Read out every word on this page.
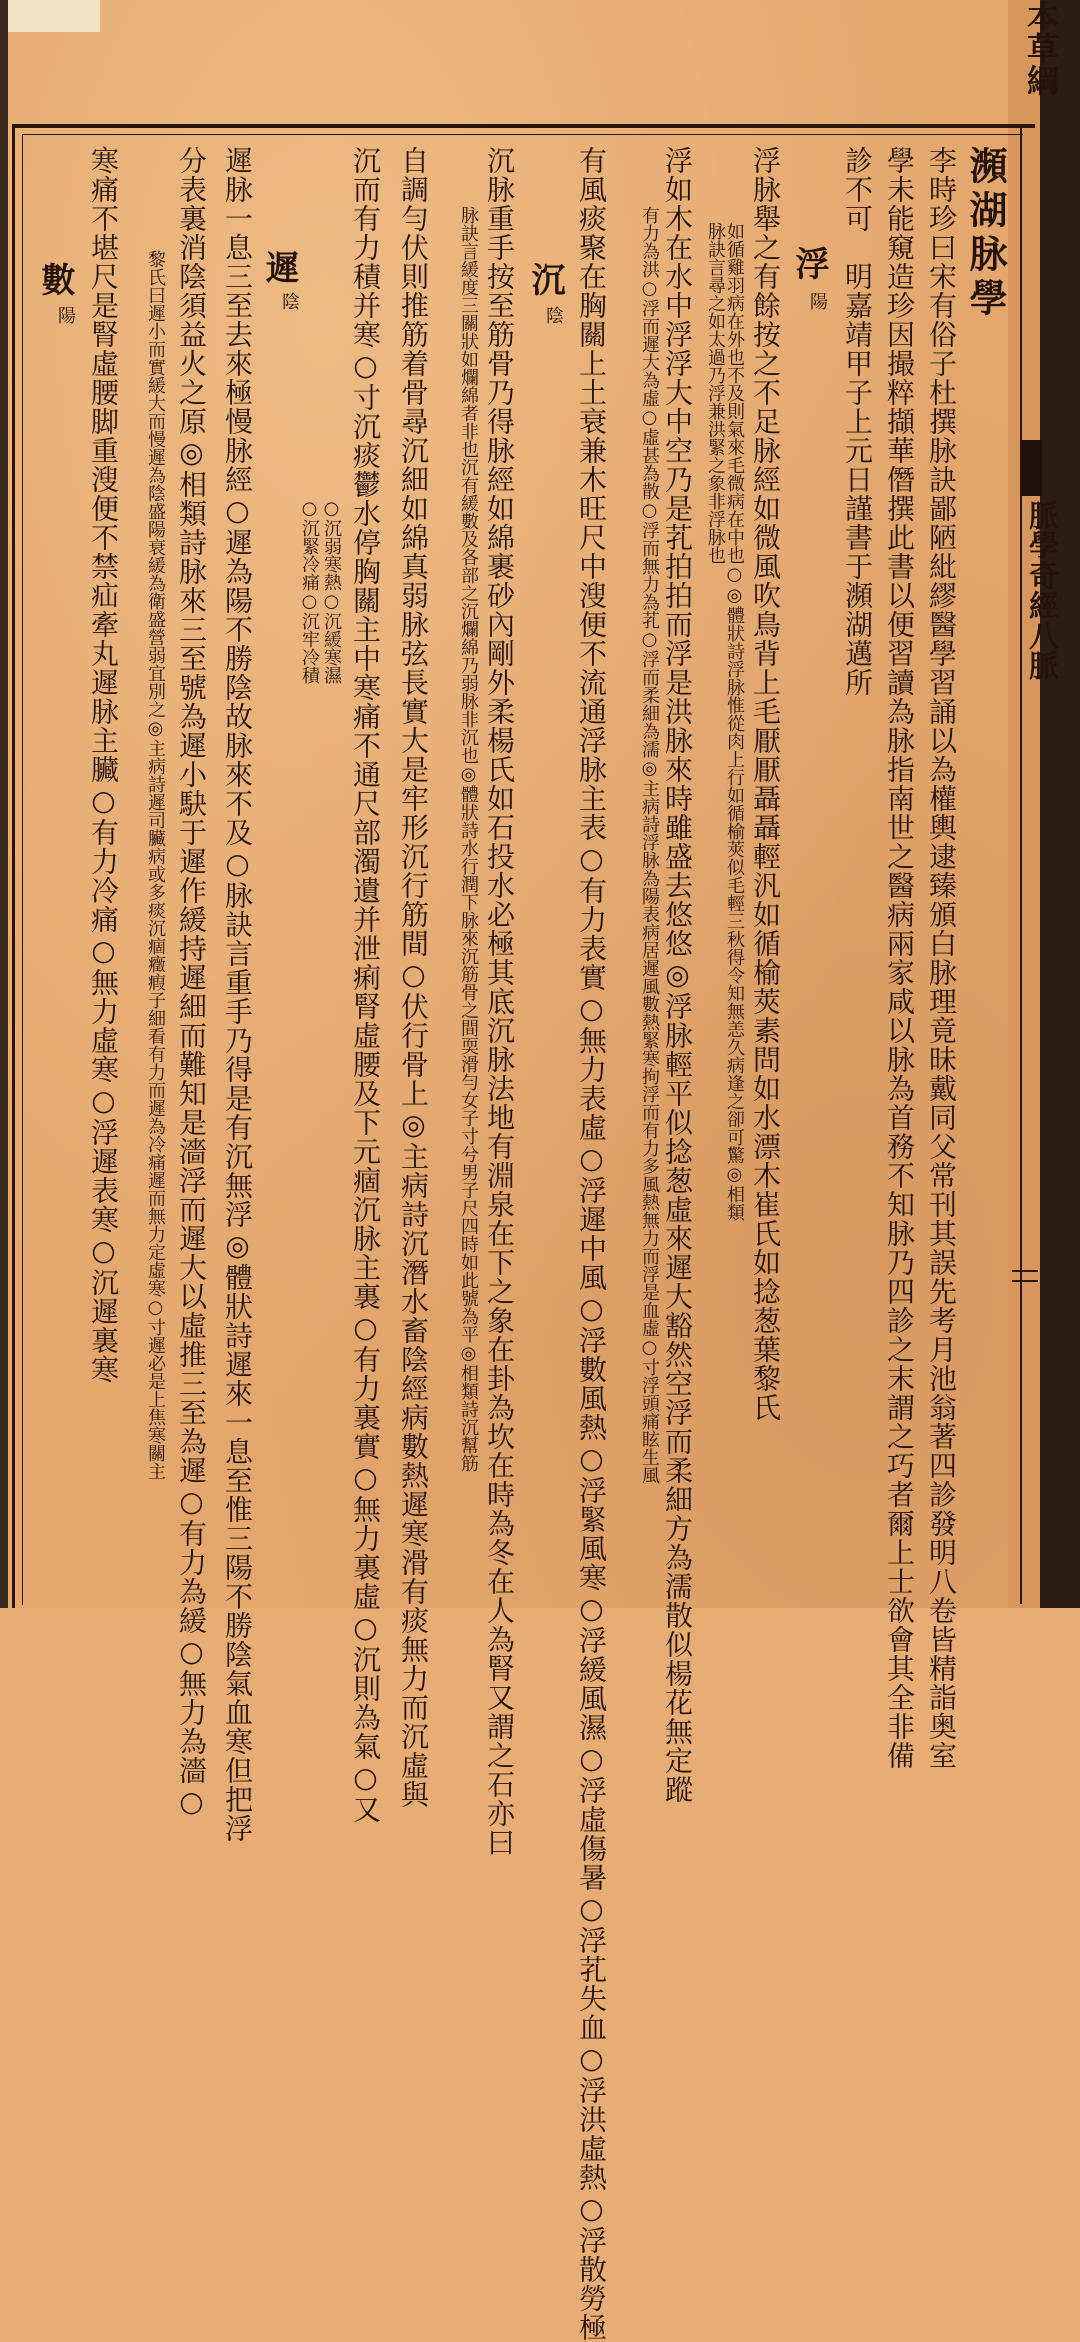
本草綱
脈學奇經八脈
瀕湖脉學
李時珍曰宋有俗子杜撰脉訣鄙陋紕繆醫學習誦以為權輿逮臻頒白脉理竟昧戴同父常刊其誤先考月池翁著四診發明八卷皆精詣奥室
學未能窺造珍因撮粹擷華僭撰此書以便習讀為脉指南世之醫病兩家咸以脉為首務不知脉乃四診之末謂之巧者爾上士欲會其全非備
診不可　明嘉靖甲子上元日謹書于瀕湖邁所
浮
陽
浮脉舉之有餘按之不足脉經如微風吹鳥背上毛厭厭聶聶輕汎如循榆莢素問如水漂木崔氏如捻葱葉黎氏
如循雞羽病在外也不及則氣來毛微病在中也○◎體狀詩浮脉惟從肉上行如循榆莢似毛輕三秋得令知無恙久病逢之卻可驚◎相類
脉訣言尋之如太過乃浮兼洪緊之象非浮脉也
浮如木在水中浮浮大中空乃是芤拍拍而浮是洪脉來時雖盛去悠悠◎浮脉輕平似捻葱虛來遲大豁然空浮而柔細方為濡散似楊花無定蹤
有力為洪○浮而遲大為虛○虛甚為散○浮而無力為芤○浮而柔細為濡◎主病詩浮脉為陽表病居遲風數熱緊寒拘浮而有力多風熱無力而浮是血虛○寸浮頭痛眩生風
有風痰聚在胸關上土衰兼木旺尺中溲便不流通浮脉主表○有力表實○無力表虛○浮遲中風○浮數風熱○浮緊風寒○浮緩風濕○浮虛傷暑○浮芤失血○浮洪虛熱○浮散勞極
沉
陰
沉脉重手按至筋骨乃得脉經如綿裹砂內剛外柔楊氏如石投水必極其底沉脉法地有淵泉在下之象在卦為坎在時為冬在人為腎又謂之石亦曰
脉訣言緩度三關狀如爛綿者非也沉有緩數及各部之沉爛綿乃弱脉非沉也◎體狀詩水行潤下脉來沉筋骨之間耎滑勻女子寸兮男子尺四時如此號為平◎相類詩沉幫筋
自調勻伏則推筋着骨尋沉細如綿真弱脉弦長實大是牢形沉行筋間○伏行骨上◎主病詩沉潛水畜陰經病數熱遲寒滑有痰無力而沉虛與
沉而有力積并寒○寸沉痰鬱水停胸關主中寒痛不通尺部濁遺并泄痢腎虛腰及下元痼沉脉主裏○有力裏實○無力裏虛○沉則為氣○又
○沉弱寒熱○沉緩寒濕
○沉緊冷痛○沉牢冷積
遲
陰
遲脉一息三至去來極慢脉經○遲為陽不勝陰故脉來不及○脉訣言重手乃得是有沉無浮◎體狀詩遲來一息至惟三陽不勝陰氣血寒但把浮
分表裏消陰須益火之原◎相類詩脉來三至號為遲小駃于遲作緩持遲細而難知是濇浮而遲大以虛推三至為遲○有力為緩○無力為濇○
黎氏曰遲小而實緩大而慢遲為陰盛陽衰緩為衛盛營弱宜別之◎主病詩遲司臟病或多痰沉痼癥瘕子細看有力而遲為冷痛遲而無力定虛寒○寸遲必是上焦寒關主
寒痛不堪尺是腎虛腰脚重溲便不禁疝牽丸遲脉主臟○有力冷痛○無力虛寒○浮遲表寒○沉遲裏寒
數
陽
